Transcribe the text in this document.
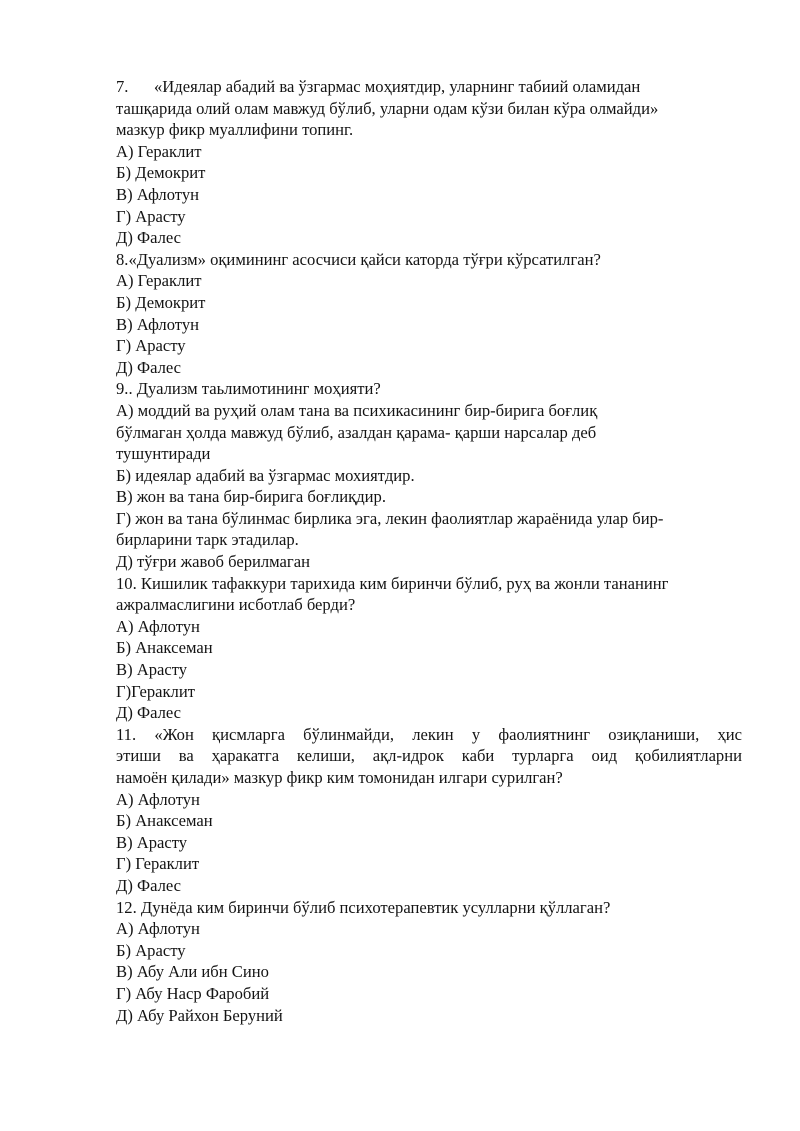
7.	«Идеялар абадий ва ўзгармас моҳиятдир, уларнинг табиий оламидан
ташқарида олий олам мавжуд бўлиб, уларни одам кўзи билан кўра олмайди»
мазкур фикр муаллифини топинг.
А) Гераклит
Б) Демокрит
В) Афлотун
Г) Арасту
Д) Фалес
8.«Дуализм» оқимининг асосчиси қайси каторда тўғри кўрсатилган?
А) Гераклит
Б) Демокрит
В) Афлотун
Г) Арасту
Д) Фалес
9.. Дуализм таьлимотининг моҳияти?
А) моддий ва руҳий олам тана ва психикасининг бир-бирига боғлиқ
бўлмаган ҳолда мавжуд бўлиб, азалдан қарама- қарши нарсалар деб
тушунтиради
Б) идеялар адабий ва ўзгармас мохиятдир.
В) жон ва тана бир-бирига боғлиқдир.
Г) жон ва тана бўлинмас бирлика эга, лекин фаолиятлар жараёнида улар бир-
бирларини тарк этадилар.
Д) тўғри жавоб берилмаган
10. Кишилик тафаккури тарихида ким биринчи бўлиб, руҳ ва жонли тананинг
ажралмаслигини исботлаб берди?
А) Афлотун
Б) Анаксеман
В) Арасту
Г)Гераклит
Д) Фалес
11. «Жон қисмларга бўлинмайди, лекин у фаолиятнинг озиқланиши, ҳис
этиши ва ҳаракатга келиши, ақл-идрок каби турларга оид қобилиятларни
намоён қилади» мазкур фикр ким томонидан илгари сурилган?
А) Афлотун
Б) Анаксеман
В) Арасту
Г) Гераклит
Д) Фалес
12. Дунёда ким биринчи бўлиб психотерапевтик усулларни қўллаган?
А) Афлотун
Б) Арасту
В) Абу Али ибн Сино
Г) Абу Наср Фаробий
Д) Абу Райхон Беруний
